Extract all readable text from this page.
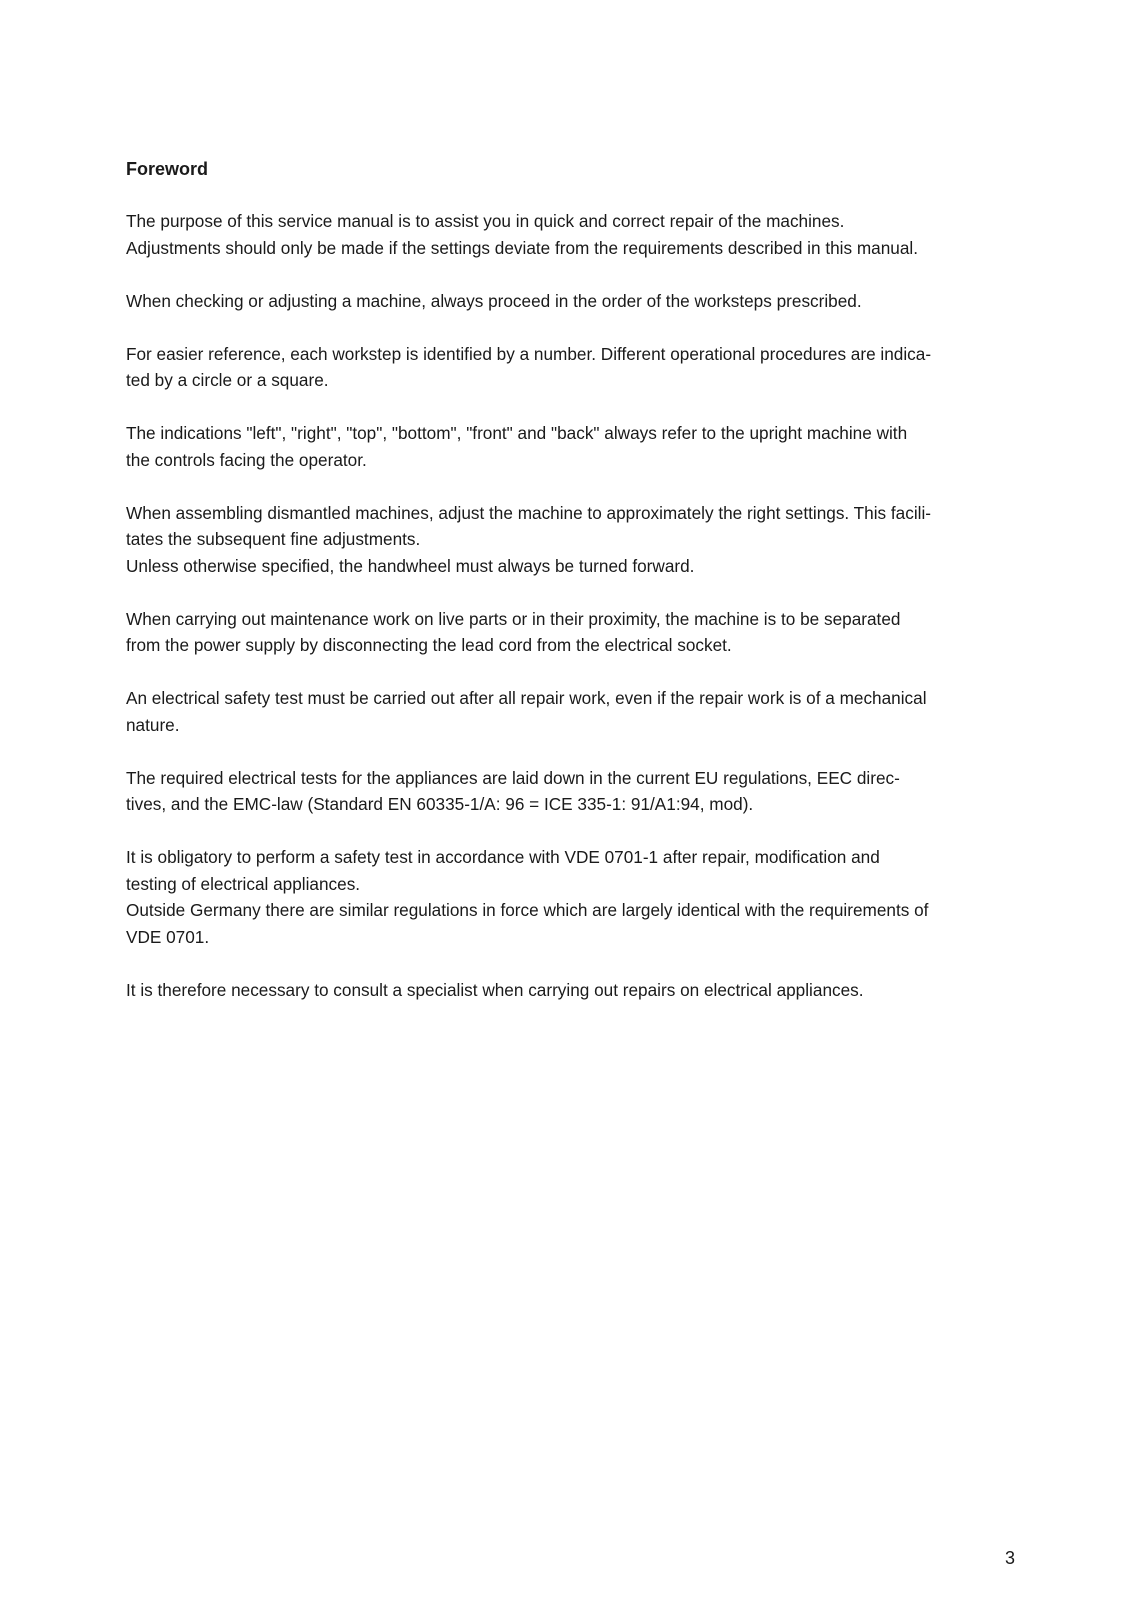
Foreword

The purpose of this service manual is to assist you in quick and correct repair of the machines.
Adjustments should only be made if the settings deviate from the requirements described in this manual.

When checking or adjusting a machine, always proceed in the order of the worksteps prescribed.

For easier reference, each workstep is identified by a number. Different operational procedures are indica-
ted by a circle or a square.

The indications "left", "right", "top", "bottom", "front" and "back" always refer to the upright machine with
the controls facing the operator.

When assembling dismantled machines, adjust the machine to approximately the right settings. This facili-
tates the subsequent fine adjustments.
Unless otherwise specified, the handwheel must always be turned forward.

When carrying out maintenance work on live parts or in their proximity, the machine is to be separated
from the power supply by disconnecting the lead cord from the electrical socket.

An electrical safety test must be carried out after all repair work, even if the repair work is of a mechanical
nature.

The required electrical tests for the appliances are laid down in the current EU regulations, EEC direc-
tives, and the EMC-law (Standard EN 60335-1/A: 96 = ICE 335-1: 91/A1:94, mod).

It is obligatory to perform a safety test in accordance with VDE 0701-1 after repair, modification and
testing of electrical appliances.
Outside Germany there are similar regulations in force which are largely identical with the requirements of
VDE 0701.

It is therefore necessary to consult a specialist when carrying out repairs on electrical appliances.

3
